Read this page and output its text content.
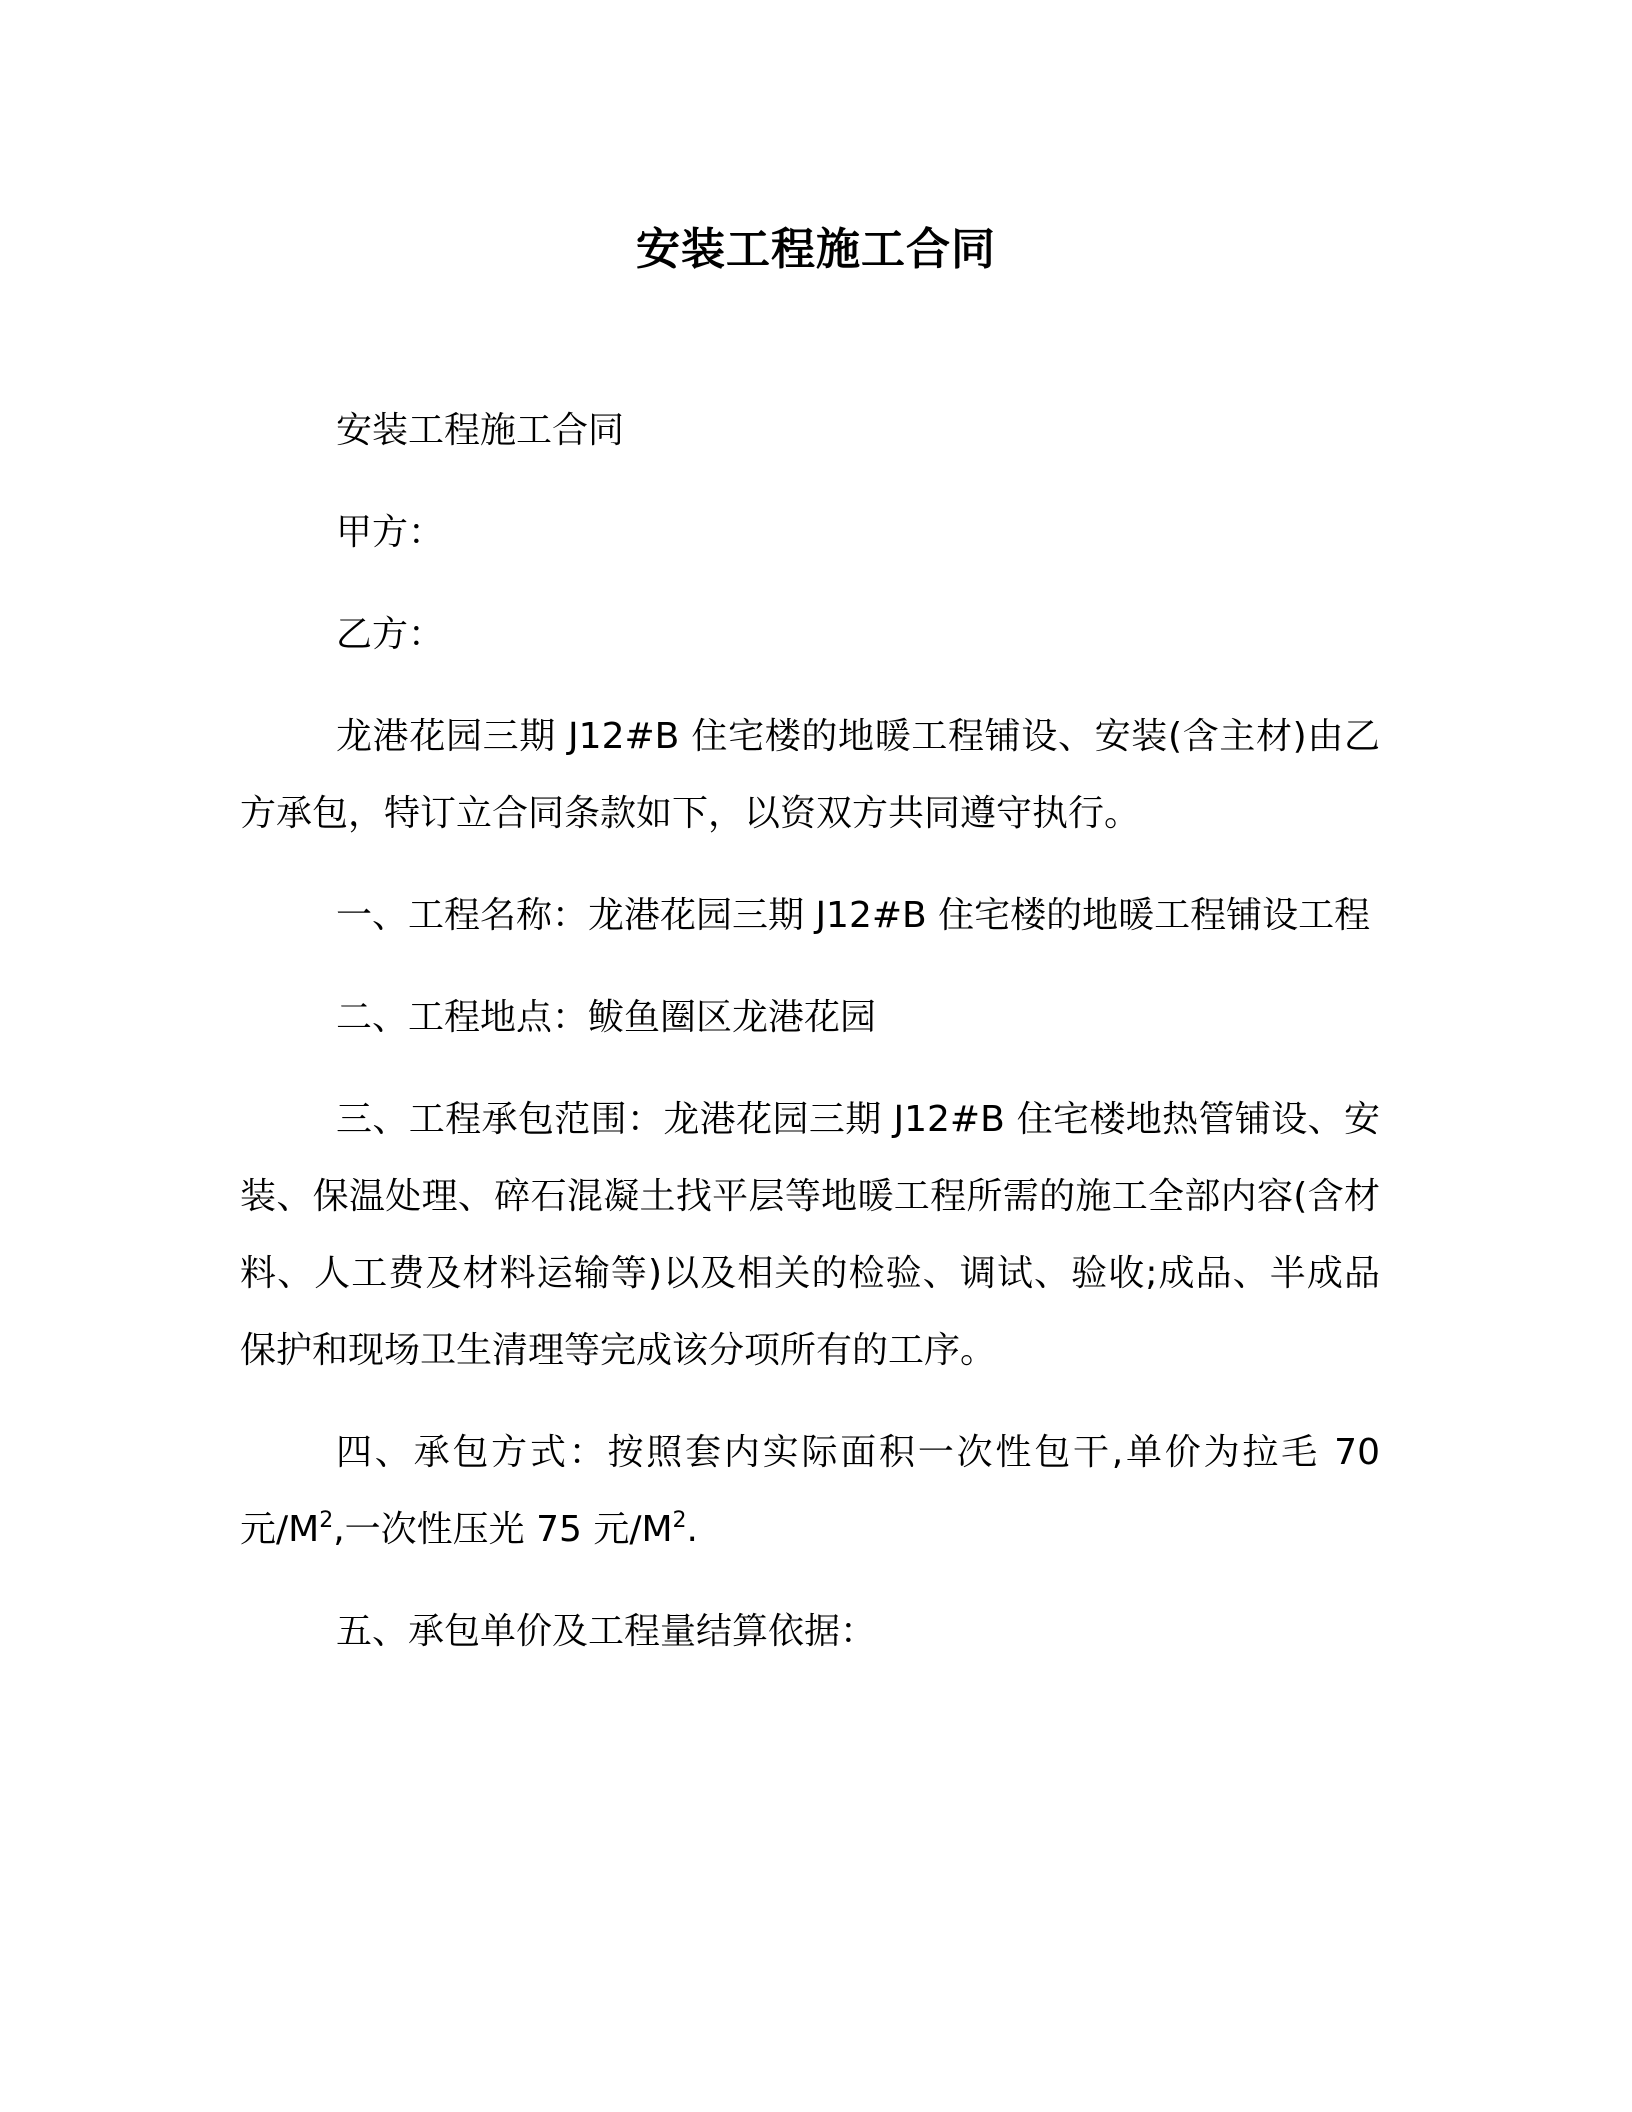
安装工程施工合同

安装工程施工合同

甲方：

乙方：

龙港花园三期 J12#B 住宅楼的地暖工程铺设、安装(含主材)由乙方承包，特订立合同条款如下，以资双方共同遵守执行。

一、工程名称：龙港花园三期 J12#B 住宅楼的地暖工程铺设工程

二、工程地点：鲅鱼圈区龙港花园

三、工程承包范围：龙港花园三期 J12#B 住宅楼地热管铺设、安装、保温处理、碎石混凝土找平层等地暖工程所需的施工全部内容(含材料、人工费及材料运输等)以及相关的检验、调试、验收;成品、半成品保护和现场卫生清理等完成该分项所有的工序。

四、承包方式：按照套内实际面积一次性包干,单价为拉毛 70 元$/M^2$,一次性压光 75 元$/M^2$.

五、承包单价及工程量结算依据：
